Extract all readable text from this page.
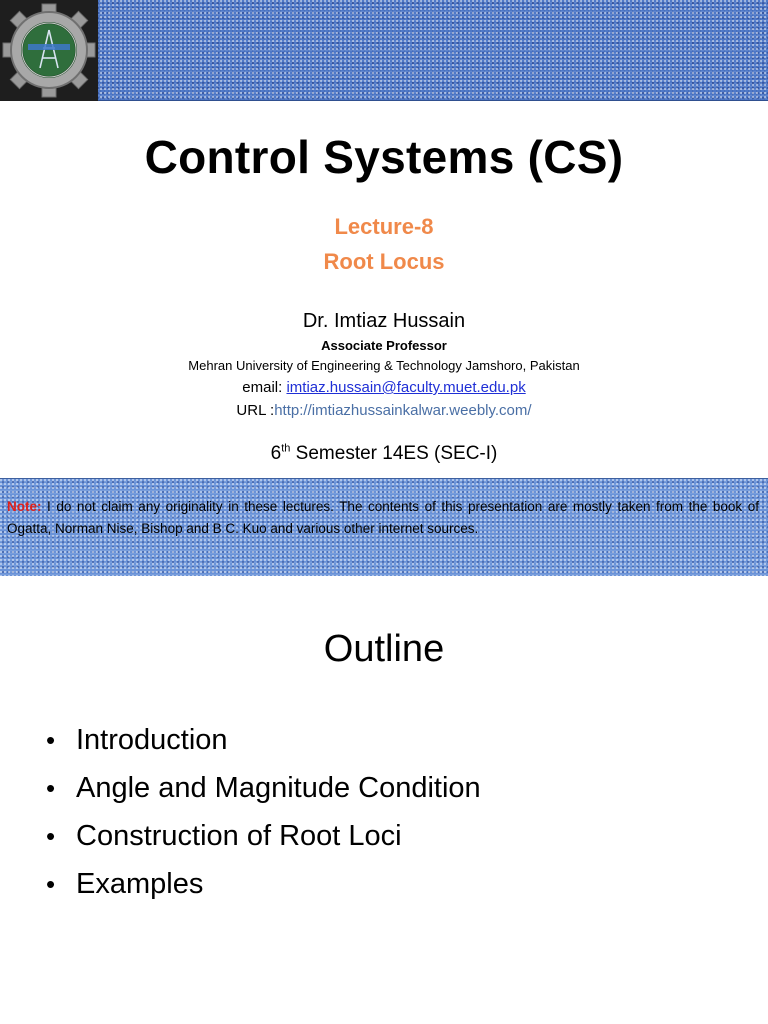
Control Systems (CS)
Lecture-8
Root Locus
Dr. Imtiaz Hussain
Associate Professor
Mehran University of Engineering & Technology Jamshoro, Pakistan
email: imtiaz.hussain@faculty.muet.edu.pk
URL :http://imtiazhussainkalwar.weebly.com/
6th Semester 14ES (SEC-I)

Note: I do not claim any originality in these lectures. The contents of this presentation are mostly taken from the book of Ogatta, Norman Nise, Bishop and B C. Kuo and various other internet sources.

Outline
• Introduction
• Angle and Magnitude Condition
• Construction of Root Loci
• Examples
